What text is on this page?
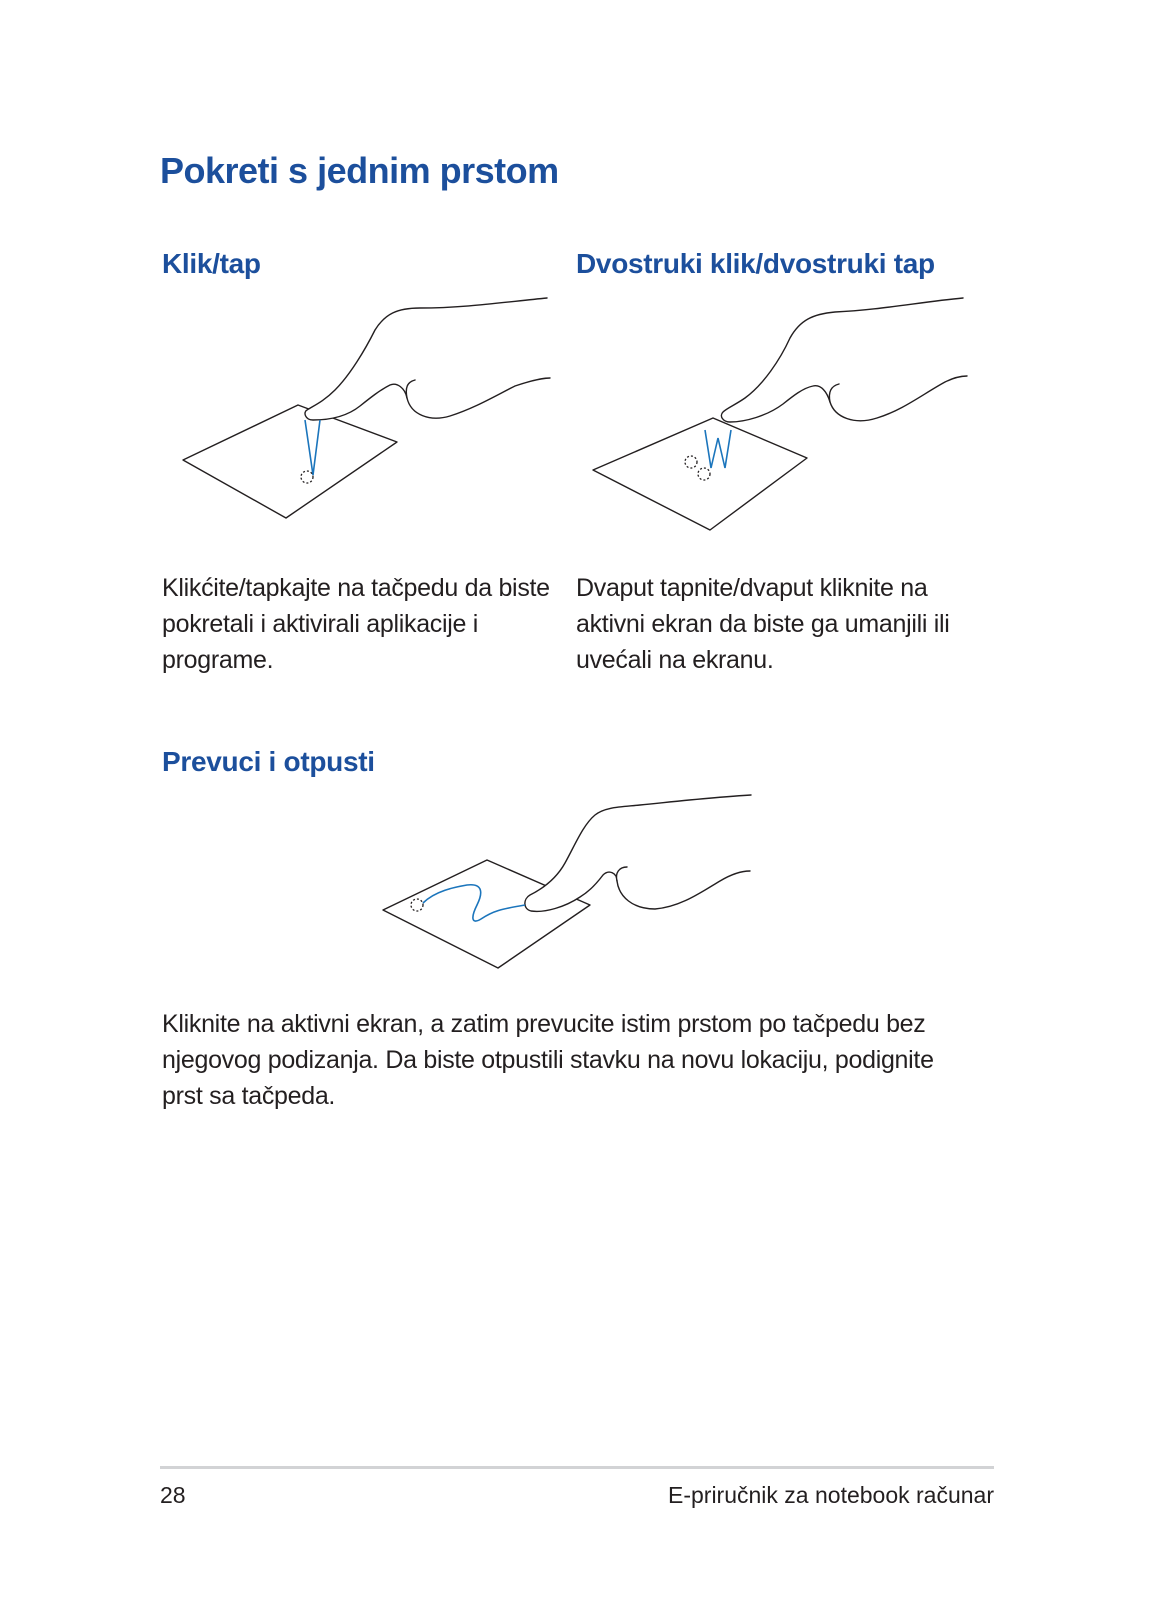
Pokreti s jednim prstom
Klik/tap

Klikćite/tapkajte na tačpedu da biste pokretali i aktivirali aplikacije i programe.

Dvostruki klik/dvostruki tap

Dvaput tapnite/dvaput kliknite na aktivni ekran da biste ga umanjili ili uvećali na ekranu.

Prevuci i otpusti

Kliknite na aktivni ekran, a zatim prevucite istim prstom po tačpedu bez njegovog podizanja. Da biste otpustili stavku na novu lokaciju, podignite prst sa tačpeda.

28	E-priručnik za notebook računar
